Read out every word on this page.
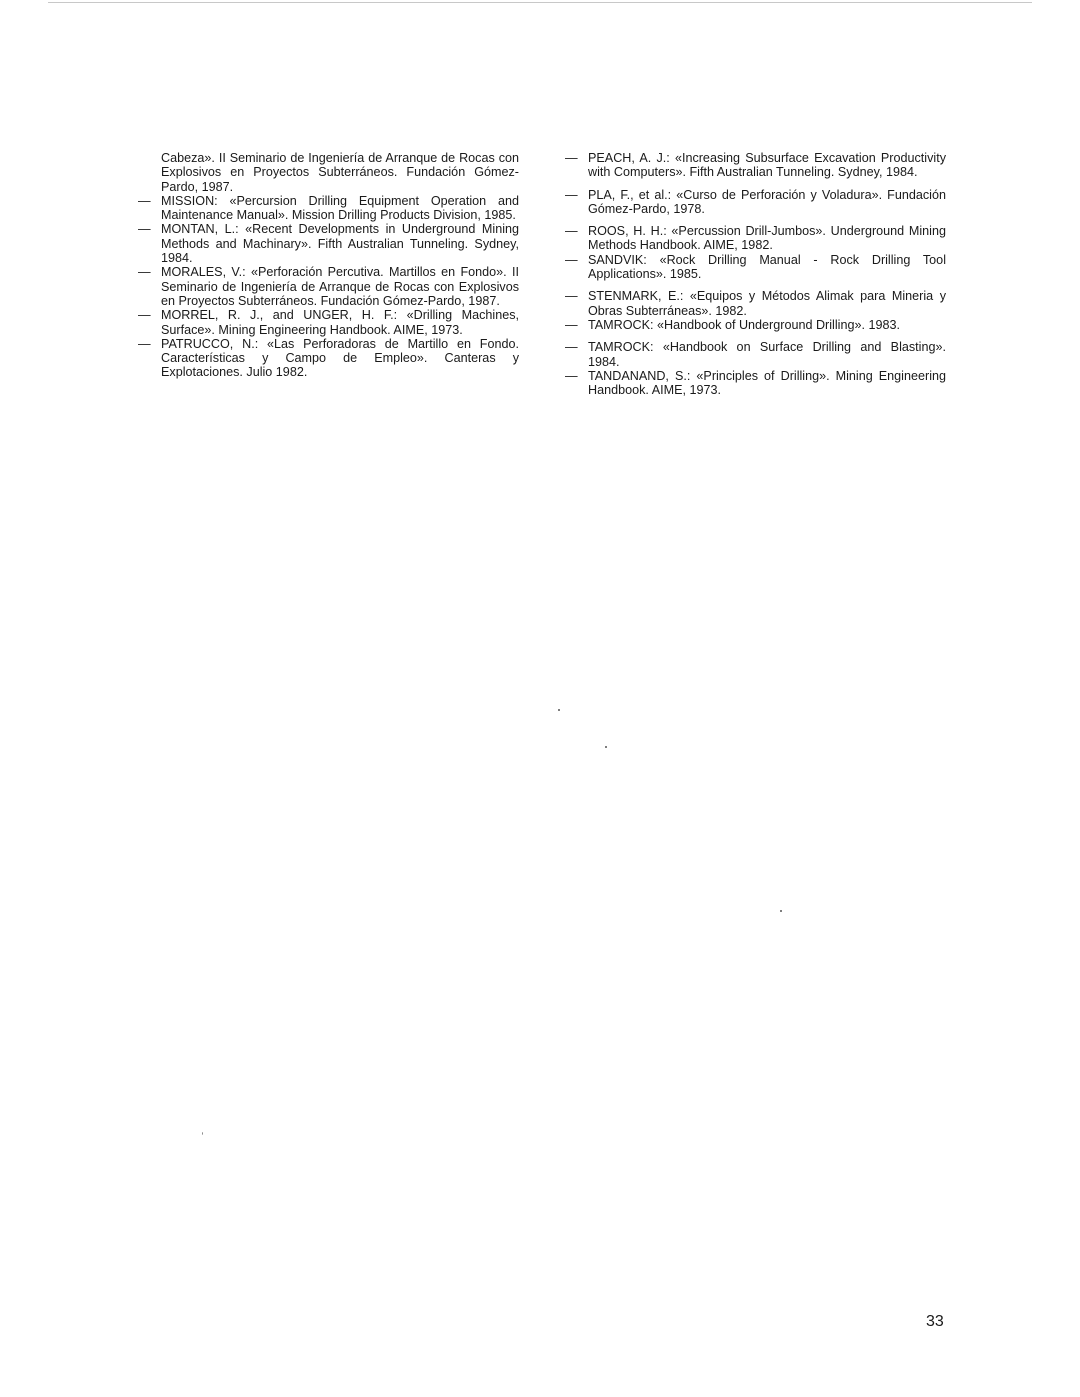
Cabeza». II Seminario de Ingeniería de Arranque de Rocas con Explosivos en Proyectos Subterráneos. Fundación Gómez-Pardo, 1987.
— MISSION: «Percursion Drilling Equipment Operation and Maintenance Manual». Mission Drilling Products Division, 1985.
— MONTAN, L.: «Recent Developments in Underground Mining Methods and Machinary». Fifth Australian Tunneling. Sydney, 1984.
— MORALES, V.: «Perforación Percutiva. Martillos en Fondo». II Seminario de Ingeniería de Arranque de Rocas con Explosivos en Proyectos Subterráneos. Fundación Gómez-Pardo, 1987.
— MORREL, R. J., and UNGER, H. F.: «Drilling Machines, Surface». Mining Engineering Handbook. AIME, 1973.
— PATRUCCO, N.: «Las Perforadoras de Martillo en Fondo. Características y Campo de Empleo». Canteras y Explotaciones. Julio 1982.
— PEACH, A. J.: «Increasing Subsurface Excavation Productivity with Computers». Fifth Australian Tunneling. Sydney, 1984.
— PLA, F., et al.: «Curso de Perforación y Voladura». Fundación Gómez-Pardo, 1978.
— ROOS, H. H.: «Percussion Drill-Jumbos». Underground Mining Methods Handbook. AIME, 1982.
— SANDVIK: «Rock Drilling Manual - Rock Drilling Tool Applications». 1985.
— STENMARK, E.: «Equipos y Métodos Alimak para Mineria y Obras Subterráneas». 1982.
— TAMROCK: «Handbook of Underground Drilling». 1983.
— TAMROCK: «Handbook on Surface Drilling and Blasting». 1984.
— TANDANAND, S.: «Principles of Drilling». Mining Engineering Handbook. AIME, 1973.
33
